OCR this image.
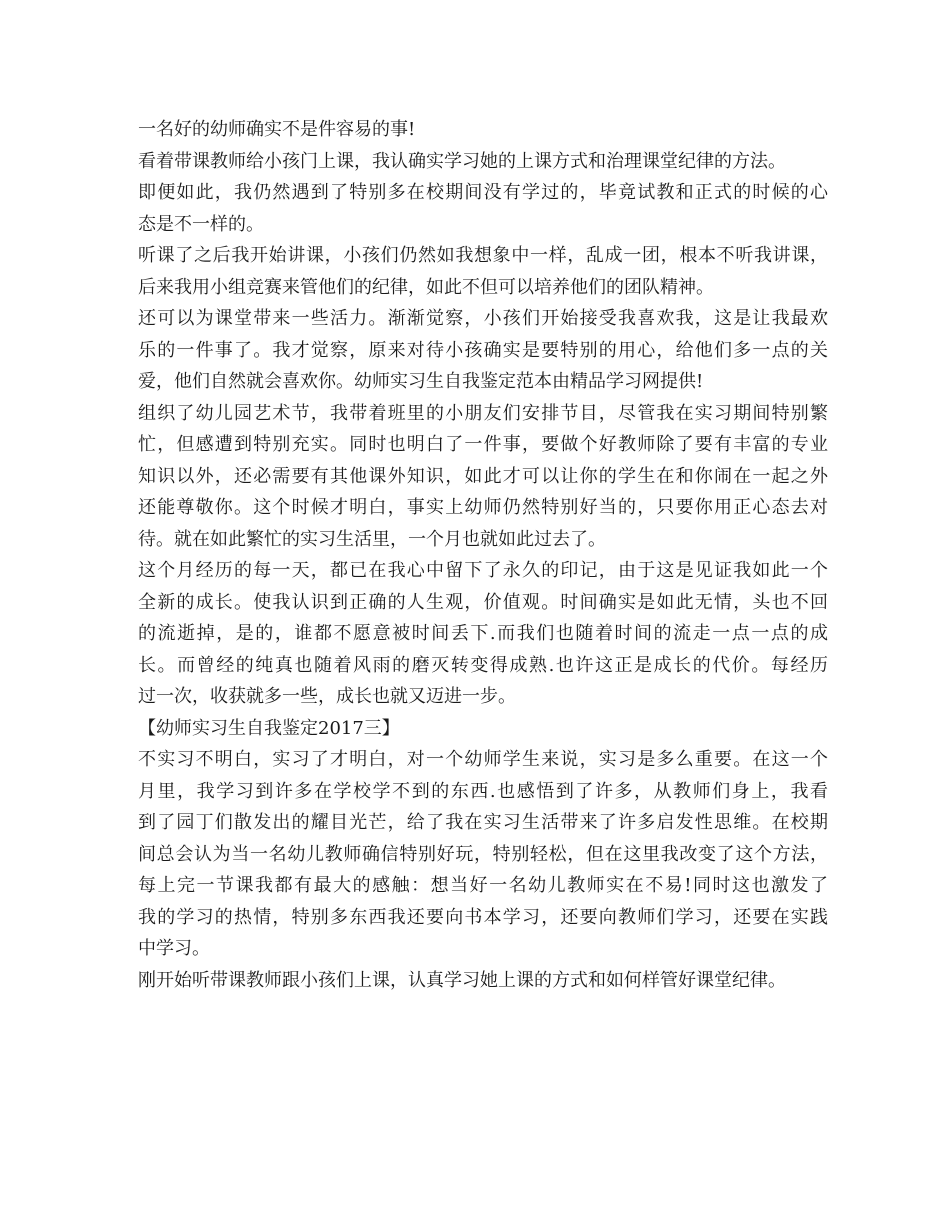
一名好的幼师确实不是件容易的事!
看着带课教师给小孩门上课，我认确实学习她的上课方式和治理课堂纪律的方法。
即便如此，我仍然遇到了特别多在校期间没有学过的，毕竟试教和正式的时候的心
态是不一样的。
听课了之后我开始讲课，小孩们仍然如我想象中一样，乱成一团，根本不听我讲课，
后来我用小组竞赛来管他们的纪律，如此不但可以培养他们的团队精神。
还可以为课堂带来一些活力。渐渐觉察，小孩们开始接受我喜欢我，这是让我最欢
乐的一件事了。我才觉察，原来对待小孩确实是要特别的用心，给他们多一点的关
爱，他们自然就会喜欢你。幼师实习生自我鉴定范本由精品学习网提供!
组织了幼儿园艺术节，我带着班里的小朋友们安排节目，尽管我在实习期间特别繁
忙，但感遭到特别充实。同时也明白了一件事，要做个好教师除了要有丰富的专业
知识以外，还必需要有其他课外知识，如此才可以让你的学生在和你闹在一起之外
还能尊敬你。这个时候才明白，事实上幼师仍然特别好当的，只要你用正心态去对
待。就在如此繁忙的实习生活里，一个月也就如此过去了。
这个月经历的每一天，都已在我心中留下了永久的印记，由于这是见证我如此一个
全新的成长。使我认识到正确的人生观，价值观。时间确实是如此无情，头也不回
的流逝掉，是的，谁都不愿意被时间丢下.而我们也随着时间的流走一点一点的成
长。而曾经的纯真也随着风雨的磨灭转变得成熟.也许这正是成长的代价。每经历
过一次，收获就多一些，成长也就又迈进一步。
【幼师实习生自我鉴定2017三】
不实习不明白，实习了才明白，对一个幼师学生来说，实习是多么重要。在这一个
月里，我学习到许多在学校学不到的东西.也感悟到了许多，从教师们身上，我看
到了园丁们散发出的耀目光芒，给了我在实习生活带来了许多启发性思维。在校期
间总会认为当一名幼儿教师确信特别好玩，特别轻松，但在这里我改变了这个方法，
每上完一节课我都有最大的感触：想当好一名幼儿教师实在不易!同时这也激发了
我的学习的热情，特别多东西我还要向书本学习，还要向教师们学习，还要在实践
中学习。
刚开始听带课教师跟小孩们上课，认真学习她上课的方式和如何样管好课堂纪律。
